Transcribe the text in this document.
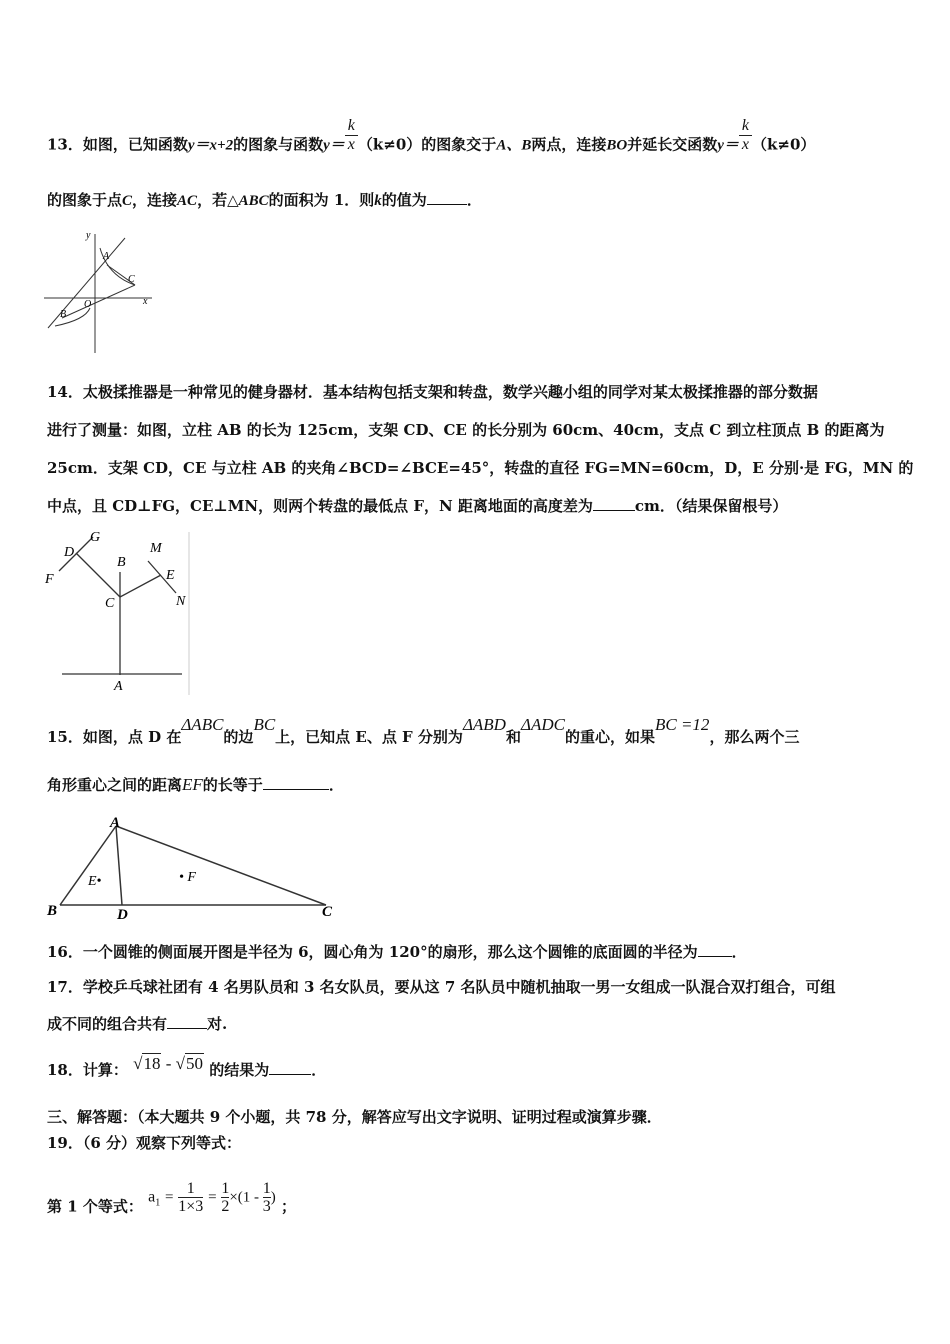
13．如图，已知函数y＝x+2的图象与函数$y= \frac{k}{x} (k\ne 0)$的图象交于A、B两点，连接BO并延长交函数$y= \frac{k}{x} (k\ne 0)$
的图象于点C，连接AC，若△ABC的面积为 1．则k的值为	．
y
A
C
O	x
B
14．太极揉推器是一种常见的健身器材．基本结构包括支架和转盘，数学兴趣小组的同学对某太极揉推器的部分数据
进行了测量：如图，立柱 AB 的长为 125cm，支架 CD、CE 的长分别为 60cm、40cm，支点 C 到立柱顶点 B 的距离为
25cm．支架 CD，CE 与立柱 AB 的夹角∠BCD=∠BCE=45°，转盘的直径 FG=MN=60cm，D，E 分别·是 FG，MN 的
中点，且 CD⊥FG，CE⊥MN，则两个转盘的最低点 F，N 距离地面的高度差为	cm．（结果保留根号）
D
G
B
M
E
F
C	N
A
15．如图，点 D 在ΔABC的边BC上，已知点 E、点 F 分别为ΔABD和ΔADC的重心，如果BC =12，那么两个三
角形重心之间的距离EF的长等于	．
A
E•	• F
B	D	C
16．一个圆锥的侧面展开图是半径为 6，圆心角为 120°的扇形，那么这个圆锥的底面圆的半径为 ．
17．学校乒乓球社团有 4 名男队员和 3 名女队员，要从这 7 名队员中随机抽取一男一女组成一队混合双打组合，可组
成不同的组合共有	对.
18．计算： √18 - √50 的结果为	．
三、解答题：（本大题共 9 个小题，共 78 分，解答应写出文字说明、证明过程或演算步骤．
19．（6 分）观察下列等式：
第 1 个等式： $a_1 = \frac{1}{1\times 3} = \frac{1}{2} \times(1 - \frac{1}{3}$ ) ；
